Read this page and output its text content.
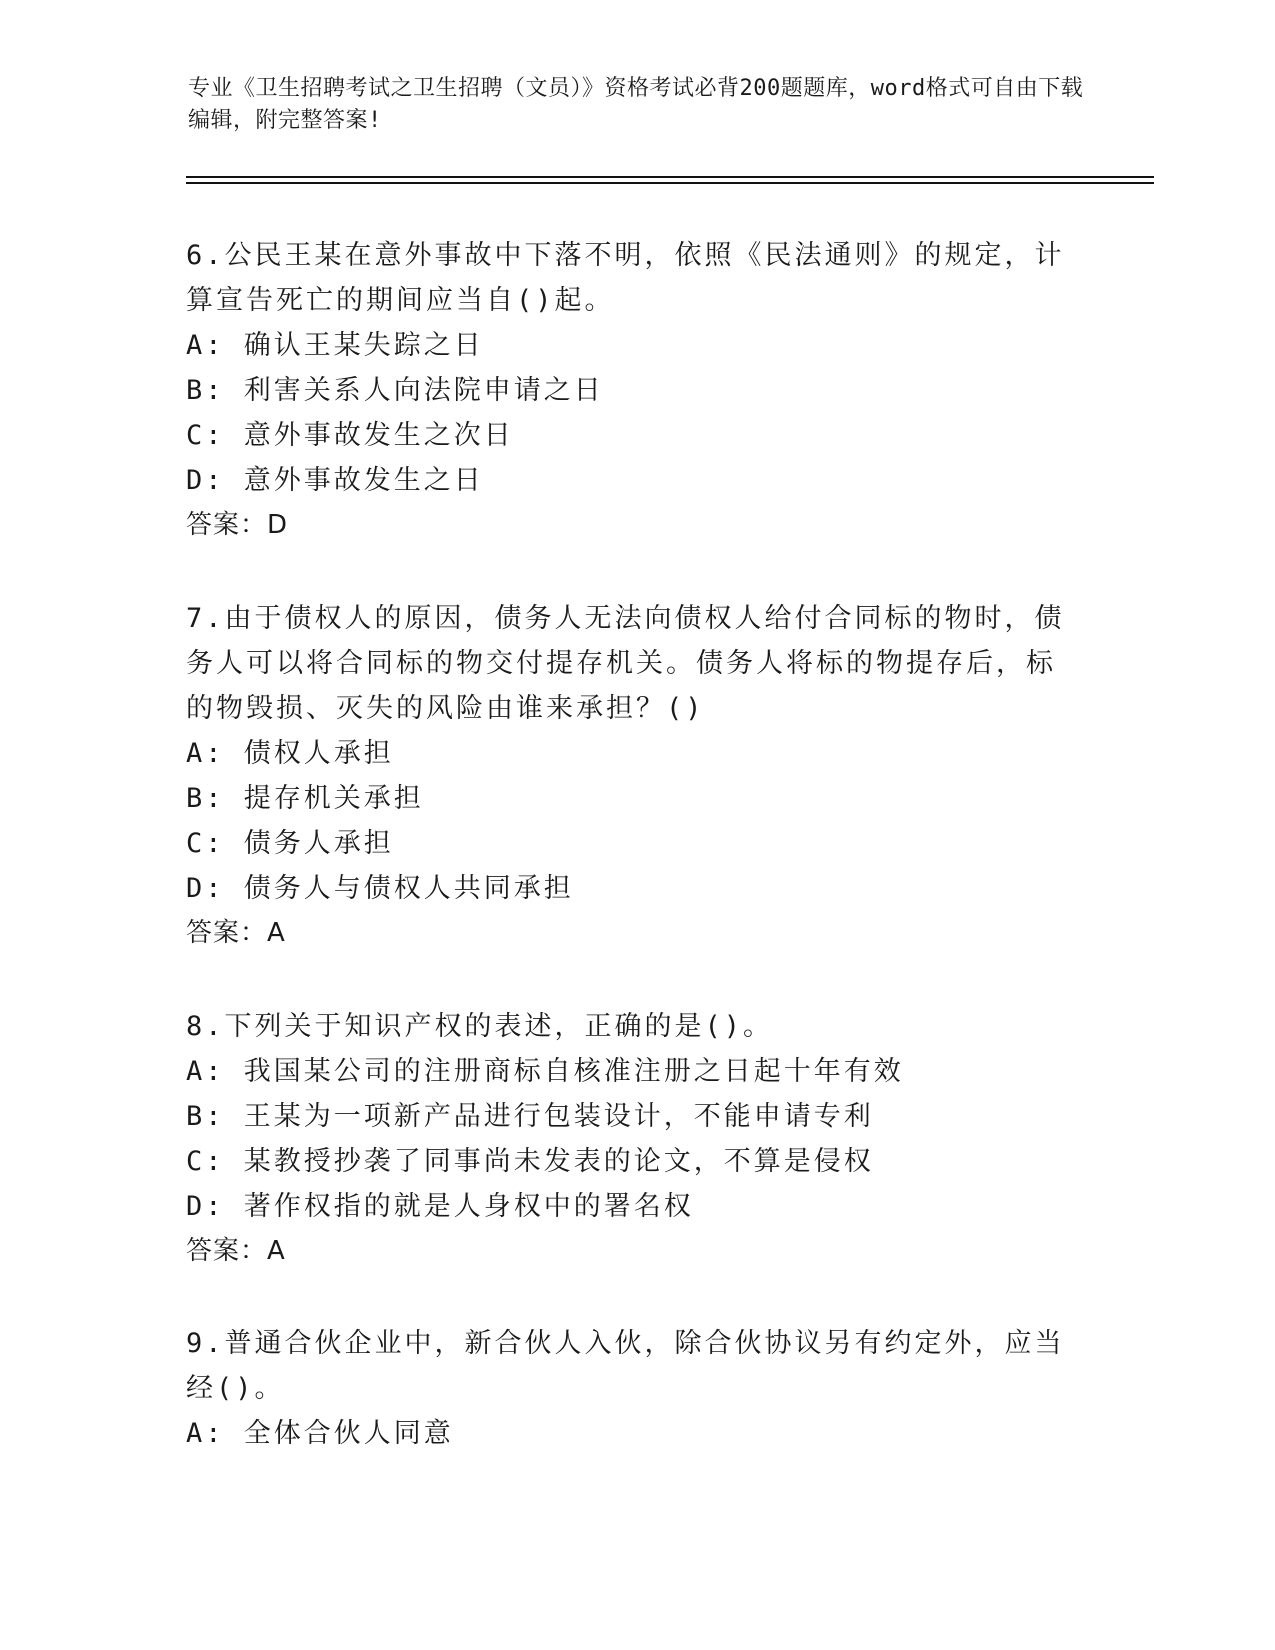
专业《卫生招聘考试之卫生招聘（文员）》资格考试必背200题题库，word格式可自由下载编辑，附完整答案!
6.公民王某在意外事故中下落不明，依照《民法通则》的规定，计算宣告死亡的期间应当自()起。
A: 确认王某失踪之日
B: 利害关系人向法院申请之日
C: 意外事故发生之次日
D: 意外事故发生之日
答案：D
7.由于债权人的原因，债务人无法向债权人给付合同标的物时，债务人可以将合同标的物交付提存机关。债务人将标的物提存后，标的物毁损、灭失的风险由谁来承担？()
A: 债权人承担
B: 提存机关承担
C: 债务人承担
D: 债务人与债权人共同承担
答案：A
8.下列关于知识产权的表述，正确的是()。
A: 我国某公司的注册商标自核准注册之日起十年有效
B: 王某为一项新产品进行包装设计，不能申请专利
C: 某教授抄袭了同事尚未发表的论文，不算是侵权
D: 著作权指的就是人身权中的署名权
答案：A
9.普通合伙企业中，新合伙人入伙，除合伙协议另有约定外，应当经()。
A: 全体合伙人同意
